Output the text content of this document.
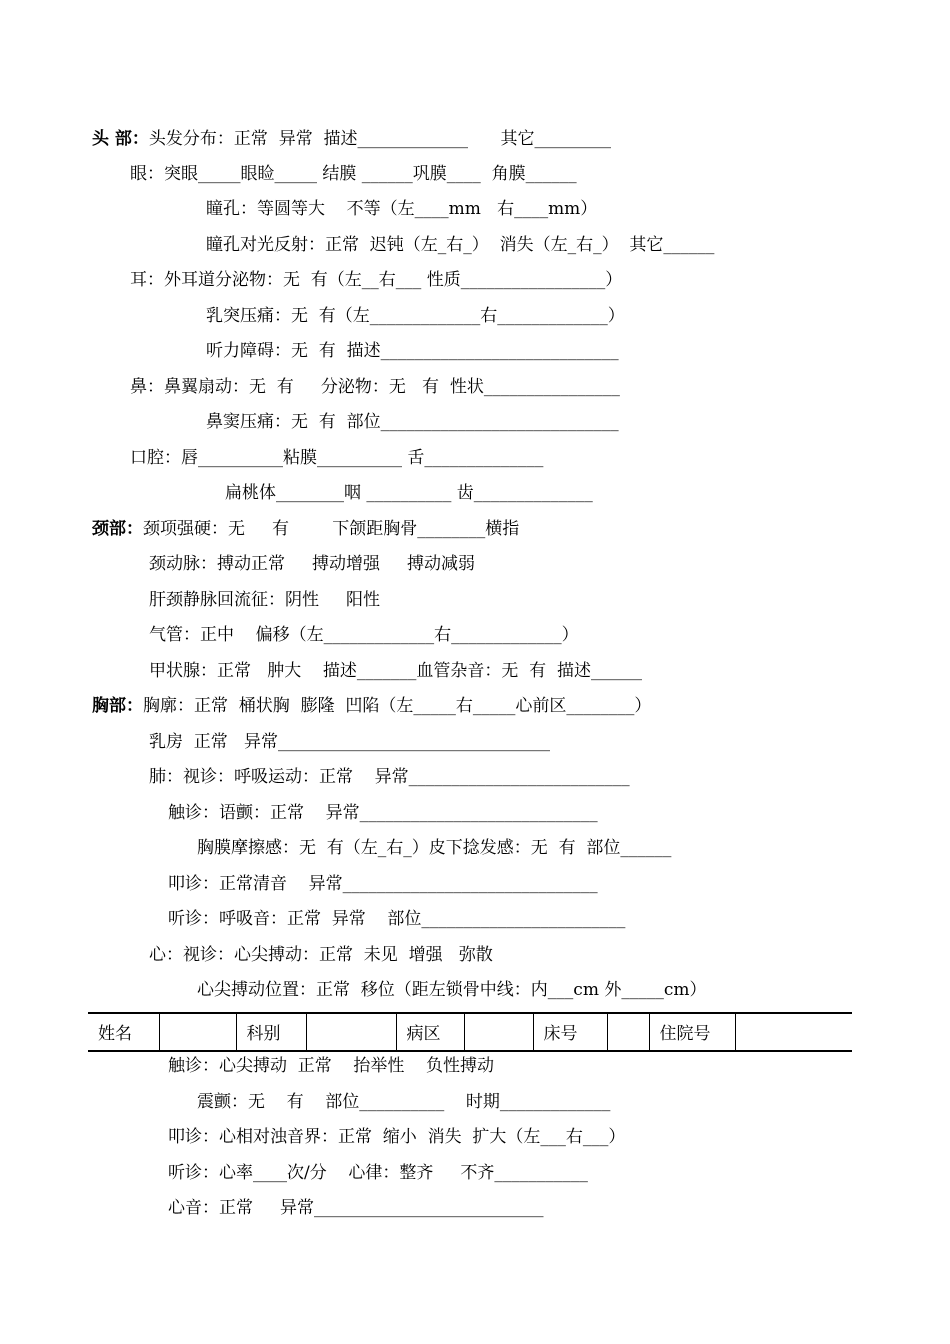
头 部：头发分布：正常  异常  描述_____________      其它_________
眼：突眼_____眼睑_____ 结膜 ______巩膜____  角膜______
瞳孔：等圆等大    不等（左____mm   右____mm）
瞳孔对光反射：正常  迟钝（左_右_）  消失（左_右_）  其它______
耳：外耳道分泌物：无  有（左__右___ 性质_________________）
乳突压痛：无  有（左_____________右_____________）
听力障碍：无  有  描述____________________________
鼻：鼻翼扇动：无  有     分泌物：无   有  性状________________
鼻窦压痛：无  有  部位____________________________
口腔：唇__________粘膜__________ 舌______________
扁桃体________咽 __________ 齿______________
颈部：颈项强硬：无     有        下颌距胸骨________横指
颈动脉：搏动正常     搏动增强     搏动减弱
肝颈静脉回流征：阴性     阳性
气管：正中    偏移（左_____________右_____________）
甲状腺：正常   肿大    描述_______血管杂音：无  有  描述______
胸部：胸廓：正常  桶状胸  膨隆  凹陷（左_____右_____心前区________）
乳房  正常   异常________________________________
肺：视诊：呼吸运动：正常    异常__________________________
触诊：语颤：正常    异常____________________________
胸膜摩擦感：无  有（左_右_）皮下捻发感：无  有  部位______
叩诊：正常清音    异常______________________________
听诊：呼吸音：正常  异常    部位________________________
心：视诊：心尖搏动：正常  未见  增强   弥散
心尖搏动位置：正常  移位（距左锁骨中线：内___cm 外_____cm）
触诊：心尖搏动  正常    抬举性    负性搏动
震颤：无    有    部位__________    时期_____________
叩诊：心相对浊音界：正常  缩小  消失  扩大（左___右___）
听诊：心率____次/分    心律：整齐     不齐___________
心音：正常     异常___________________________
姓名		科别		病区		床号		住院号	
